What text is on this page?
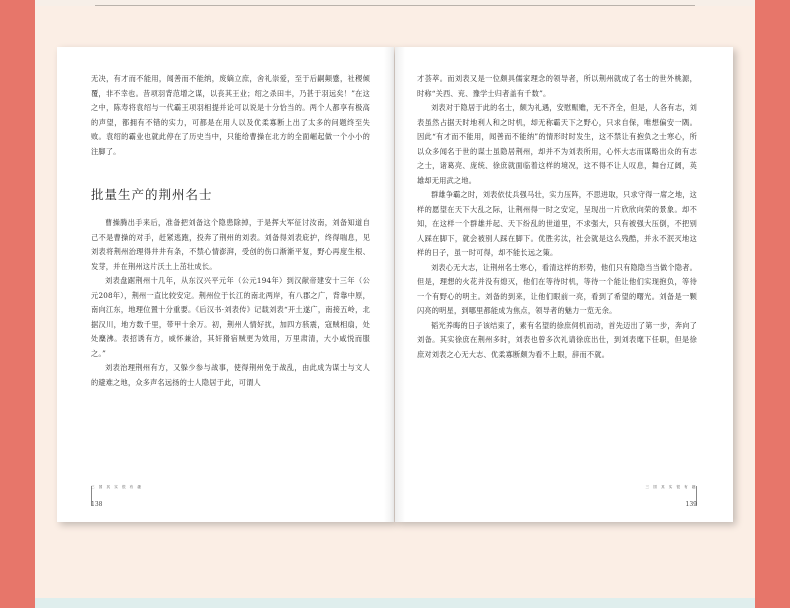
无决，有才而不能用，闻善而不能纳，废嫡立庶，舍礼崇爱，至于后嗣颠蹙，社稷倾覆，非不幸也。昔项羽背范增之谋，以丧其王业；绍之杀田丰，乃甚于羽远矣！”在这之中，陈寿将袁绍与一代霸王项羽相提并论可以说是十分恰当的。两个人都享有极高的声望，都拥有不错的实力，可都是在用人以及优柔寡断上出了太多的问题终至失败。袁绍的霸业也就此停在了历史当中，只能给曹操在北方的全面崛起做一个小小的注脚了。

批量生产的荆州名士

曹操腾出手来后，准备把刘备这个隐患除掉，于是挥大军征讨汝南，刘备知道自己不是曹操的对手，赶紧逃跑，投奔了荆州的刘表。刘备得刘表庇护，终得喘息，见刘表将荆州治理得井井有条，不禁心情澎湃，受创的伤口渐渐平复，野心再度生根、发芽，并在荆州这片沃土上茁壮成长。

刘表盘踞荆州十几年，从东汉兴平元年（公元194年）到汉献帝建安十三年（公元208年），荆州一直比较安定。荆州位于长江的南北两岸，有八郡之广，背靠中原，南向江东，地理位置十分重要。《后汉书·刘表传》记载刘表“开土遂广，南接五岭，北据汉川，地方数千里，带甲十余万。初，荆州人情好扰，加四方骇震，寇贼相扇，处处麋沸。表招诱有方，威怀兼洽，其奸猾宿贼更为效用，万里肃清，大小咸悦而服之。”

刘表治理荆州有方，又躲少参与战事，使得荆州免于战乱，由此成为谋士与文人的避难之地，众多声名远扬的士人隐居于此，可谓人

三 国 其 实 很 有 趣
138

才荟萃。而刘表又是一位颇具儒家理念的领导者，所以荆州就成了名士的世外桃源，时称“关西、兖、豫学士归者盖有千数”。

刘表对于隐居于此的名士，颇为礼遇，安慰赈赡，无不齐全，但是，人各有志，刘表虽然占据天时地利人和之时机，却无称霸天下之野心，只求自保，唯想偏安一隅。因此“有才而不能用，闻善而不能纳”的情形时时发生，这不禁让有抱负之士寒心，所以众多闻名于世的谋士虽隐居荆州，却并不为刘表所用，心怀大志而谋略出众的有志之士，诸葛亮、庞统、徐庶就面临着这样的境况，这不得不让人叹息，舞台辽阔，英雄却无用武之地。

群雄争霸之时，刘表依仗兵强马壮，实力压阵，不思进取，只求守得一席之地，这样的愿望在天下大乱之际，让荆州得一时之安定，呈现出一片欣欣向荣的景象。却不知，在这样一个群雄并起、天下纷乱的世道里，不求强大，只有被强大压倒，不把别人踩在脚下，就会被别人踩在脚下。优胜劣汰，社会就是这么残酷，并永不泯灭地这样的日子，虽一时可得，却不能长远之策。

刘表心无大志，让荆州名士寒心，看清这样的形势，他们只有隐隐当当做个隐者。但是，理想的火花并没有熄灭，他们在等待时机，等待一个能让他们实现抱负，等待一个有野心的明主。刘备的到来，让他们眼前一亮，看到了希望的曙光。刘备是一颗闪亮的明星，到哪里都能成为焦点，领导者的魅力一览无余。

韬光养晦的日子该结束了，素有名望的徐庶伺机而动，首先迈出了第一步，奔向了刘备。其实徐庶在荆州多时，刘表也曾多次礼请徐庶出仕，到刘表麾下任职，但是徐庶对刘表之心无大志、优柔寡断颇为看不上眼，辞而不就。

三 国 其 实 很 有 趣
139
